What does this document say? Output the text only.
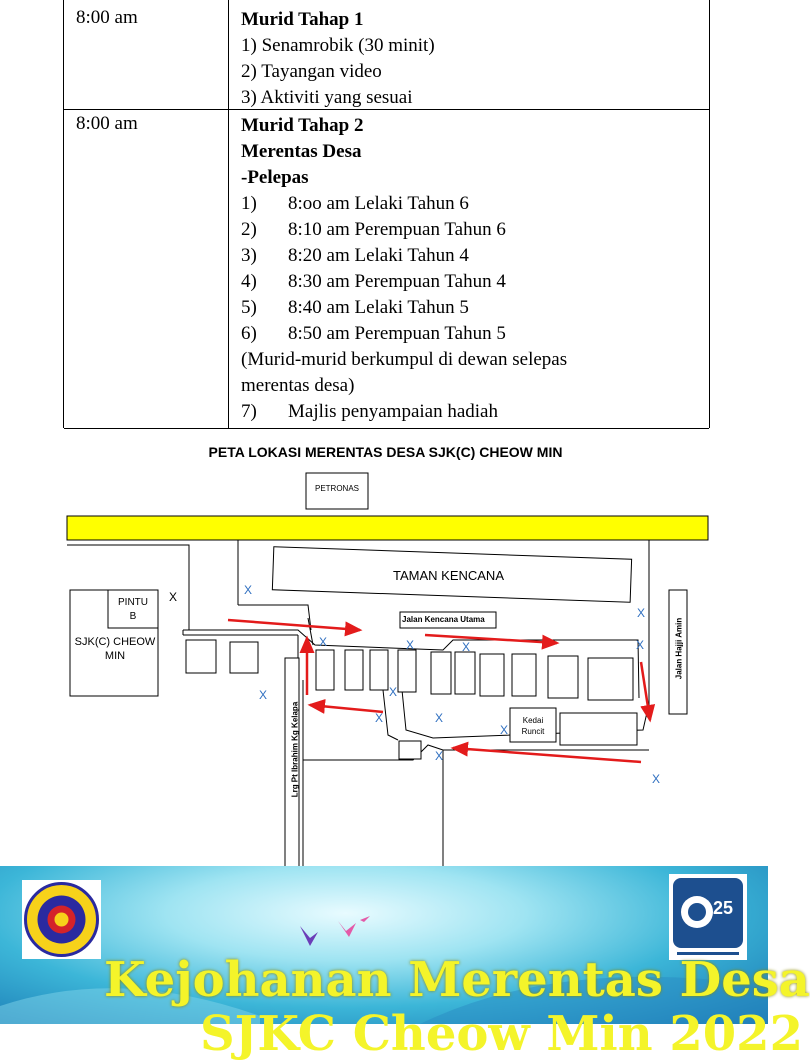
8:00 am	Murid Tahap 1
1) Senamrobik (30 minit)
2) Tayangan video
3) Aktiviti yang sesuai
8:00 am	Murid Tahap 2
Merentas Desa
-Pelepas
1) 8:oo am Lelaki Tahun 6
2) 8:10 am Perempuan Tahun 6
3) 8:20 am Lelaki Tahun 4
4) 8:30 am Perempuan Tahun 4
5) 8:40 am Lelaki Tahun 5
6) 8:50 am Perempuan Tahun 5
(Murid-murid berkumpul di dewan selepas
merentas desa)
7) Majlis penyampaian hadiah
PETA LOKASI MERENTAS DESA SJK(C) CHEOW MIN
PETRONAS
TAMAN KENCANA
Jalan Kencana Utama	Jalan Hajji Amin
PINTU
B
SJK(C) CHEOW
MIN
Lrg Pt Ibrahim Kg Kelapa	Kedai
Runcit
X	X
X
X	X	X	X
X	X
X	X
X
X
X
25
Kejohanan Merentas Desa
SJKC Cheow Min 2022
